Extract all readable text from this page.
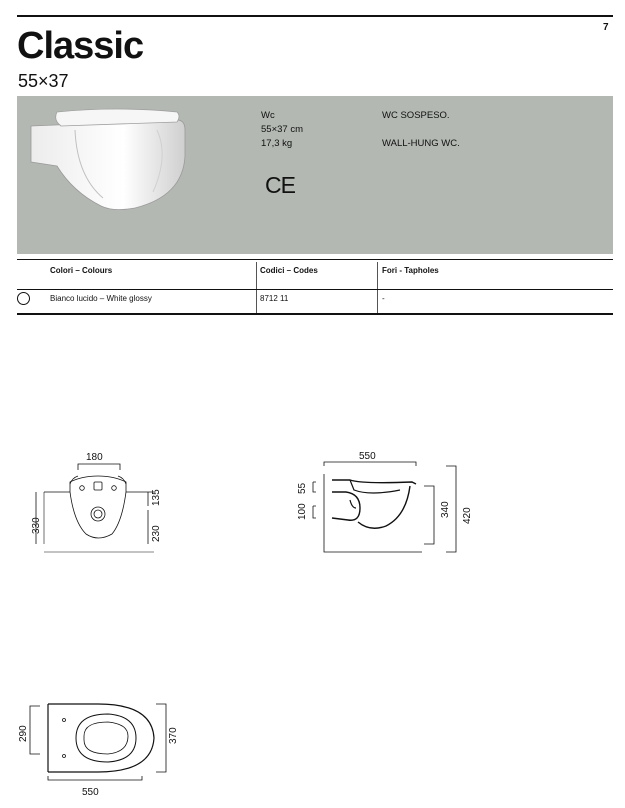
7
Classic
55×37
Wc
55×37 cm
17,3 kg
WC SOSPESO.
WALL-HUNG WC.
CE
Colori – Colours	Codici – Codes	Fori - Tapholes
Bianco lucido – White glossy	8712 11	-
180
330
135
230
550
55
100	340 420
290	370
550
